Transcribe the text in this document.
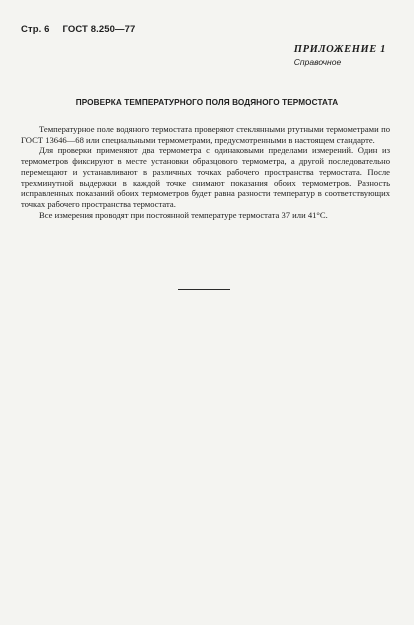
Стр. 6 ГОСТ 8.250—77
ПРИЛОЖЕНИЕ 1
Справочное
ПРОВЕРКА ТЕМПЕРАТУРНОГО ПОЛЯ ВОДЯНОГО ТЕРМОСТАТА

Температурное поле водяного термостата проверяют стеклянными ртутными термометрами по ГОСТ 13646—68 или специальными термометрами, предусмотренными в настоящем стандарте.

Для проверки применяют два термометра с одинаковыми пределами измерений. Один из термометров фиксируют в месте установки образцового термометра, а другой последовательно перемещают и устанавливают в различных точках рабочего пространства термостата. После трехминутной выдержки в каждой точке снимают показания обоих термометров. Разность исправленных показаний обоих термометров будет равна разности температур в соответствующих точках рабочего пространства термостата.

Все измерения проводят при постоянной температуре термостата 37 или 41°С.
